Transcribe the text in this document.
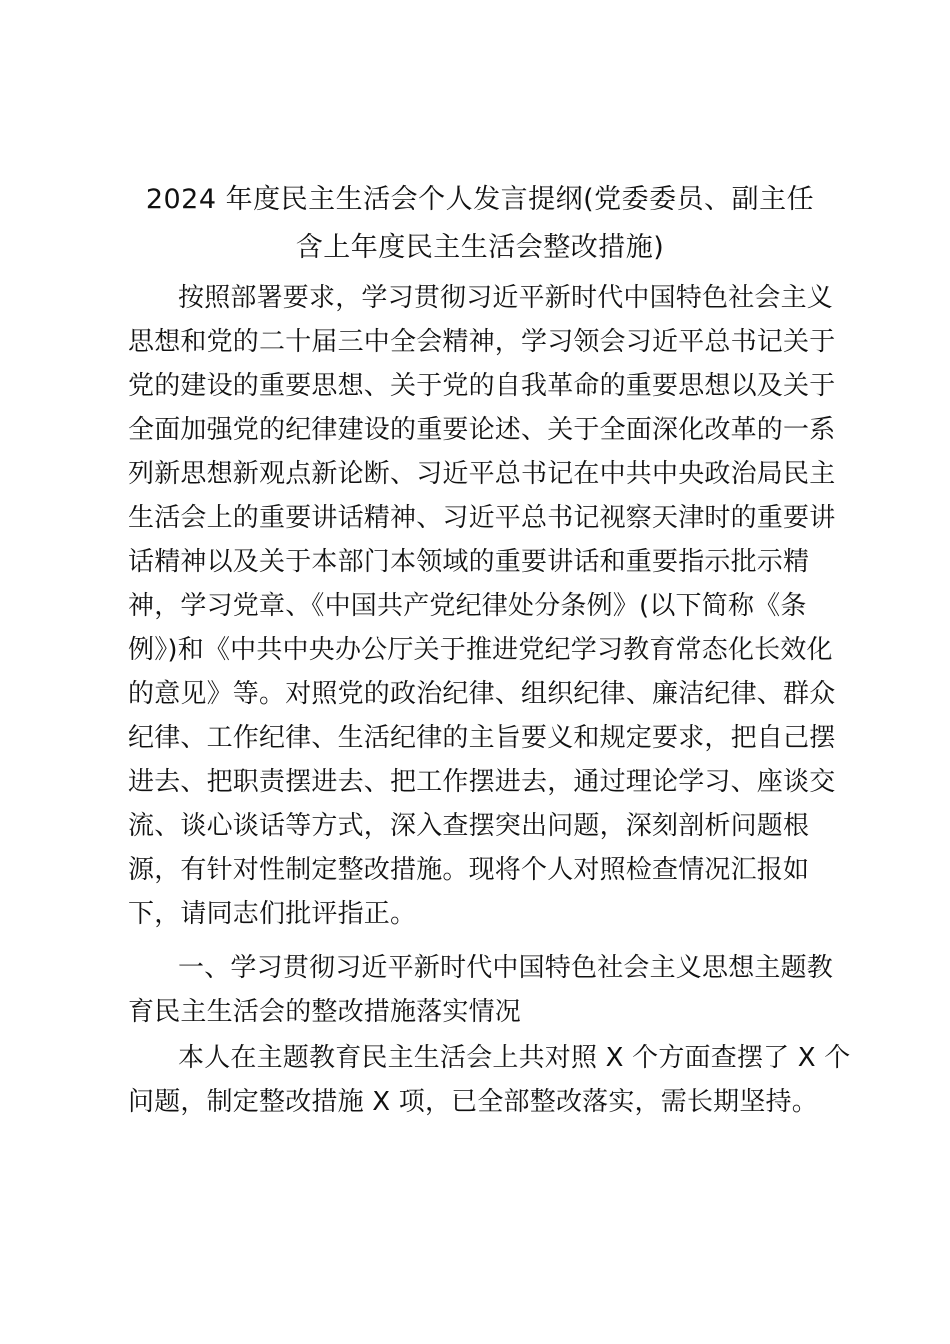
2024 年度民主生活会个人发言提纲(党委委员、副主任
含上年度民主生活会整改措施)
按照部署要求，学习贯彻习近平新时代中国特色社会主义
思想和党的二十届三中全会精神，学习领会习近平总书记关于
党的建设的重要思想、关于党的自我革命的重要思想以及关于
全面加强党的纪律建设的重要论述、关于全面深化改革的一系
列新思想新观点新论断、习近平总书记在中共中央政治局民主
生活会上的重要讲话精神、习近平总书记视察天津时的重要讲
话精神以及关于本部门本领域的重要讲话和重要指示批示精
神，学习党章、《中国共产党纪律处分条例》(以下简称《条
例》)和《中共中央办公厅关于推进党纪学习教育常态化长效化
的意见》等。对照党的政治纪律、组织纪律、廉洁纪律、群众
纪律、工作纪律、生活纪律的主旨要义和规定要求，把自己摆
进去、把职责摆进去、把工作摆进去，通过理论学习、座谈交
流、谈心谈话等方式，深入查摆突出问题，深刻剖析问题根
源，有针对性制定整改措施。现将个人对照检查情况汇报如
下，请同志们批评指正。
一、学习贯彻习近平新时代中国特色社会主义思想主题教
育民主生活会的整改措施落实情况
本人在主题教育民主生活会上共对照 X 个方面查摆了 X 个
问题，制定整改措施 X 项，已全部整改落实，需长期坚持。
